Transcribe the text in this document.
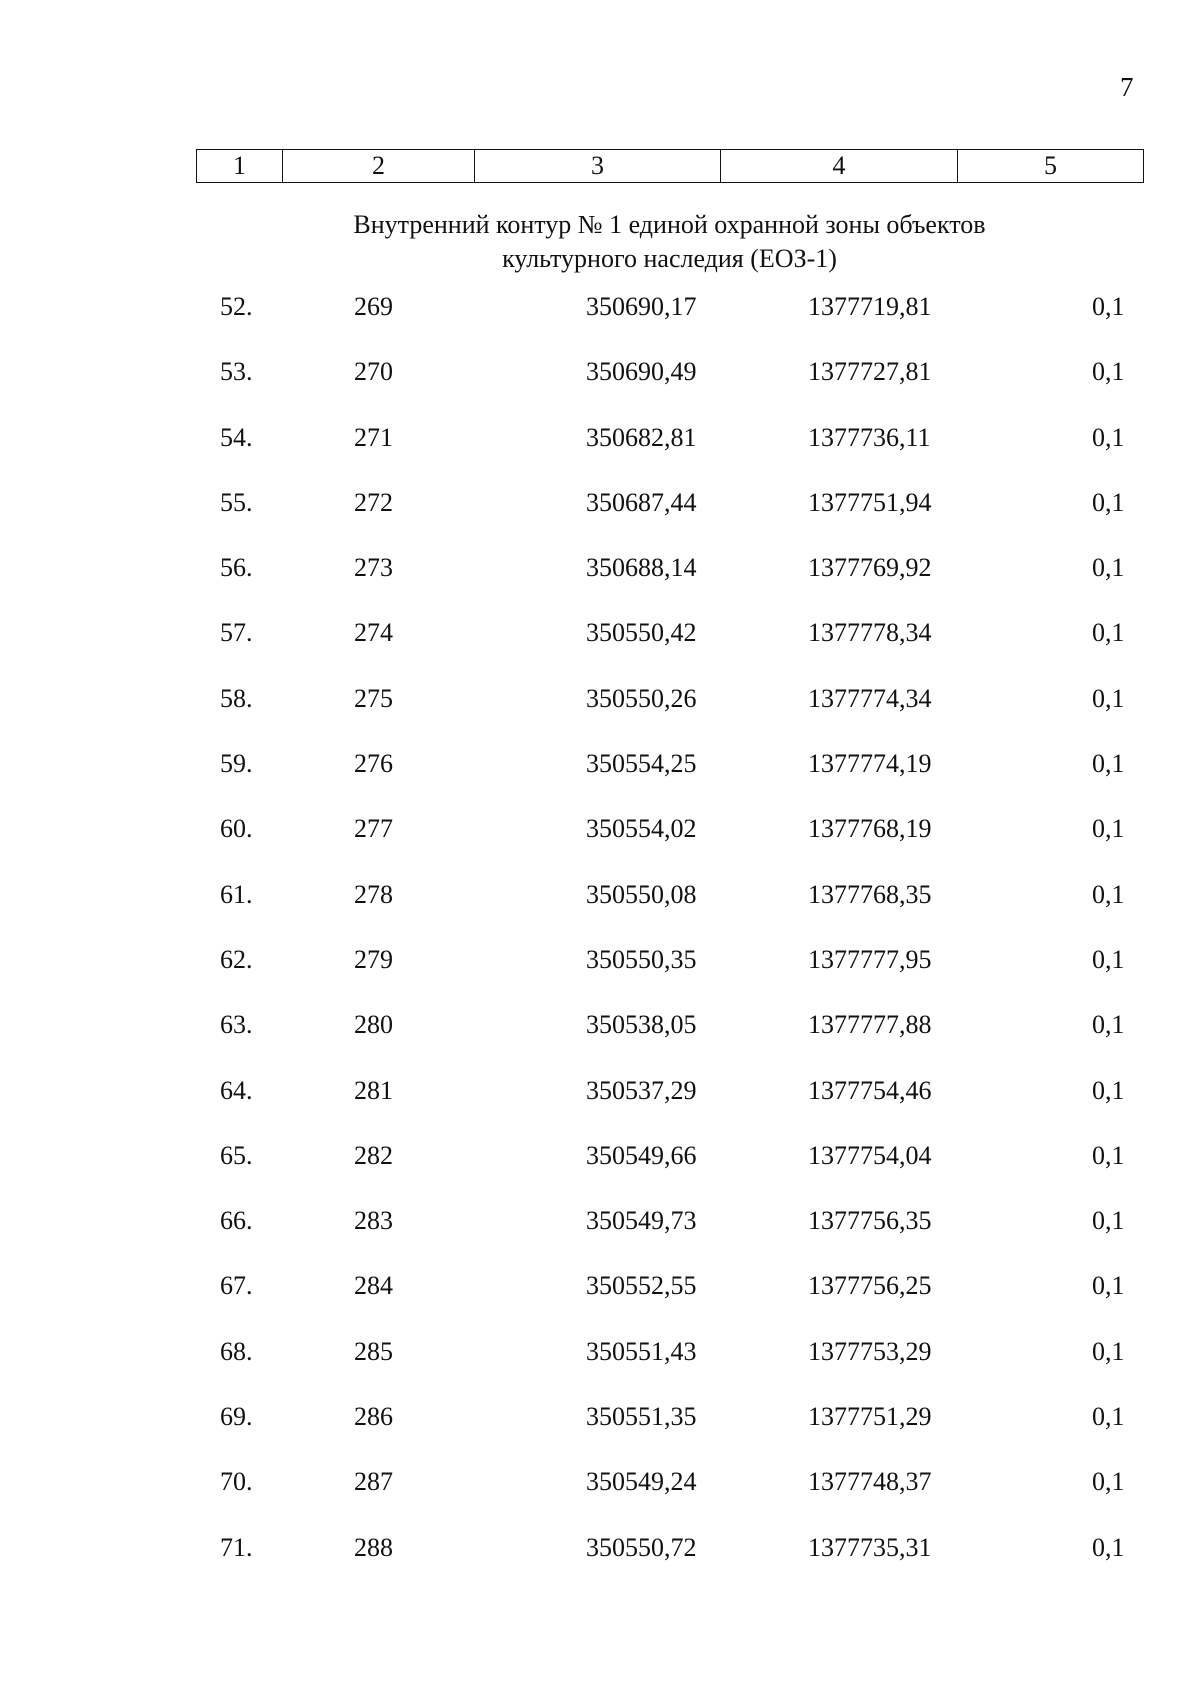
7
1	2	3	4	5
Внутренний контур № 1 единой охранной зоны объектов
культурного наследия (ЕОЗ-1)
52.	269	350690,17	1377719,81	0,1
53.	270	350690,49	1377727,81	0,1
54.	271	350682,81	1377736,11	0,1
55.	272	350687,44	1377751,94	0,1
56.	273	350688,14	1377769,92	0,1
57.	274	350550,42	1377778,34	0,1
58.	275	350550,26	1377774,34	0,1
59.	276	350554,25	1377774,19	0,1
60.	277	350554,02	1377768,19	0,1
61.	278	350550,08	1377768,35	0,1
62.	279	350550,35	1377777,95	0,1
63.	280	350538,05	1377777,88	0,1
64.	281	350537,29	1377754,46	0,1
65.	282	350549,66	1377754,04	0,1
66.	283	350549,73	1377756,35	0,1
67.	284	350552,55	1377756,25	0,1
68.	285	350551,43	1377753,29	0,1
69.	286	350551,35	1377751,29	0,1
70.	287	350549,24	1377748,37	0,1
71.	288	350550,72	1377735,31	0,1
